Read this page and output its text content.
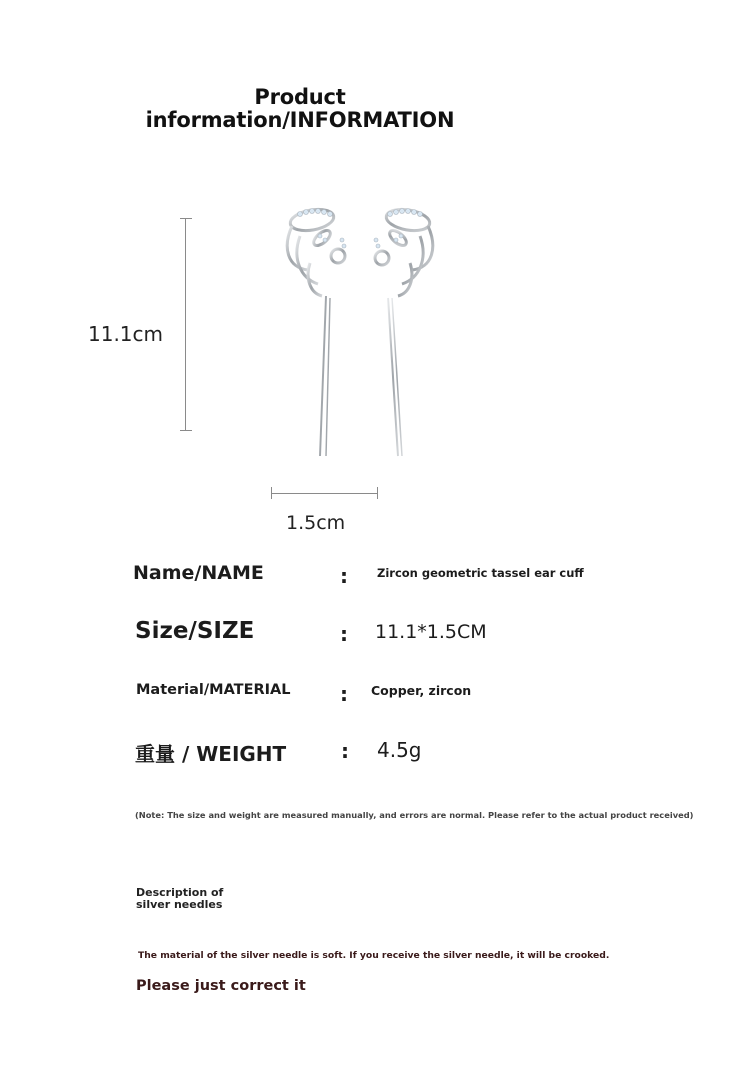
Product
information/INFORMATION
11.1cm
1.5cm
Name/NAME	:	Zircon geometric tassel ear cuff
Size/SIZE	: 11.1*1.5CM
Material/MATERIAL : Copper, zircon
重量 / WEIGHT	: 4.5g
(Note: The size and weight are measured manually, and errors are normal. Please refer to the actual product received)
Description of
silver needles
The material of the silver needle is soft. If you receive the silver needle, it will be crooked.
Please just correct it
